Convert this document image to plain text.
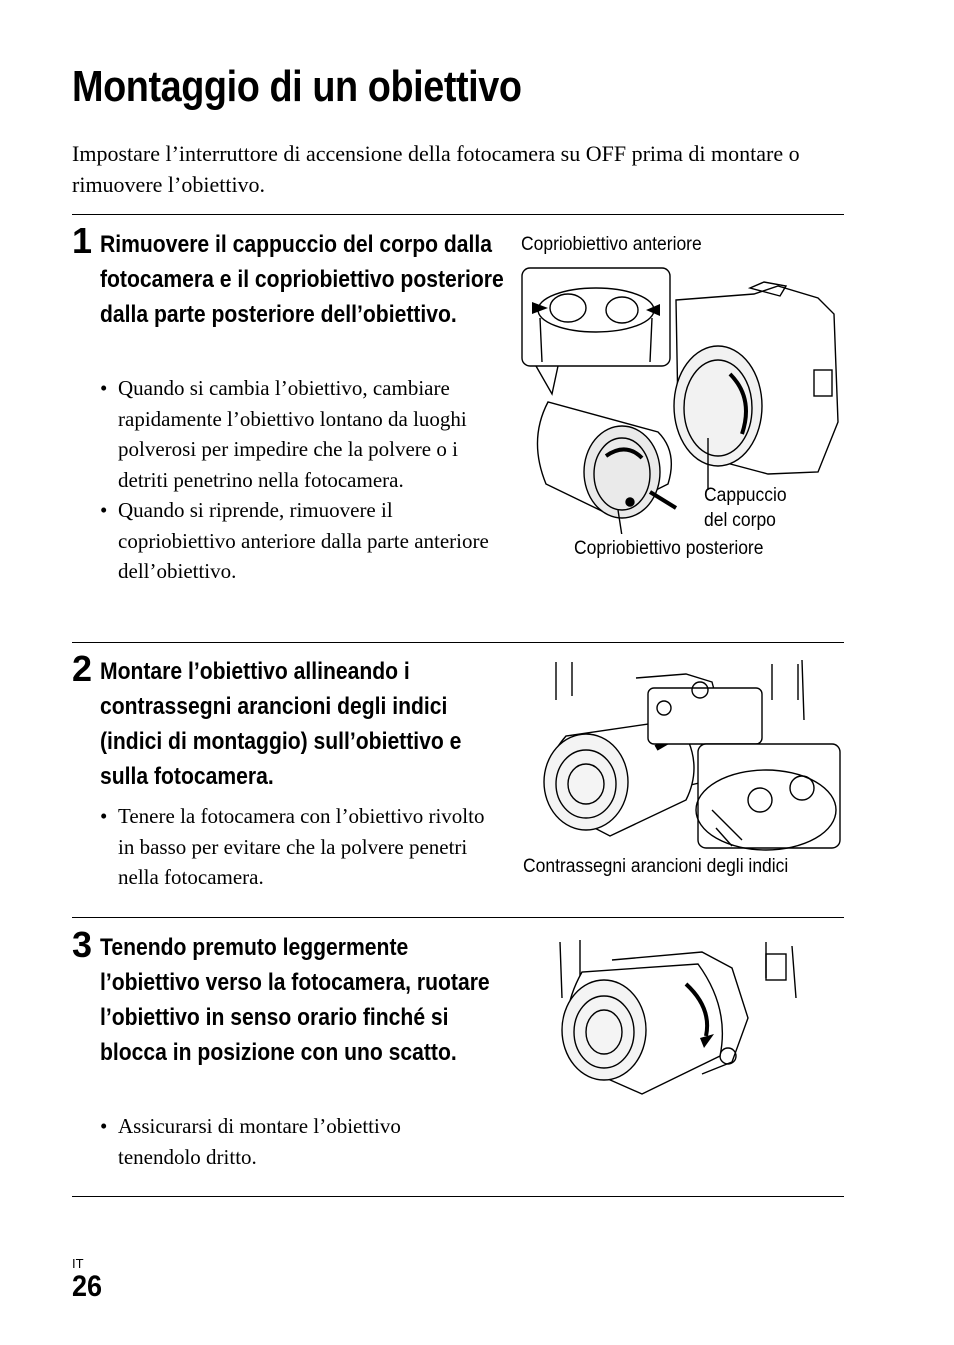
Montaggio di un obiettivo
Impostare l’interruttore di accensione della fotocamera su OFF prima di montare o rimuovere l’obiettivo.
1 Rimuovere il cappuccio del corpo dalla fotocamera e il copriobiettivo posteriore dalla parte posteriore dell’obiettivo.
• Quando si cambia l’obiettivo, cambiare rapidamente l’obiettivo lontano da luoghi polverosi per impedire che la polvere o i detriti penetrino nella fotocamera.
• Quando si riprende, rimuovere il copriobiettivo anteriore dalla parte anteriore dell’obiettivo.
Copriobiettivo anteriore
Cappuccio
del corpo
Copriobiettivo posteriore
2 Montare l’obiettivo allineando i contrassegni arancioni degli indici (indici di montaggio) sull’obiettivo e sulla fotocamera.
• Tenere la fotocamera con l’obiettivo rivolto in basso per evitare che la polvere penetri nella fotocamera.	Contrassegni arancioni degli indici
3 Tenendo premuto leggermente l’obiettivo verso la fotocamera, ruotare l’obiettivo in senso orario finché si blocca in posizione con uno scatto.
• Assicurarsi di montare l’obiettivo tenendolo dritto.
IT
26
